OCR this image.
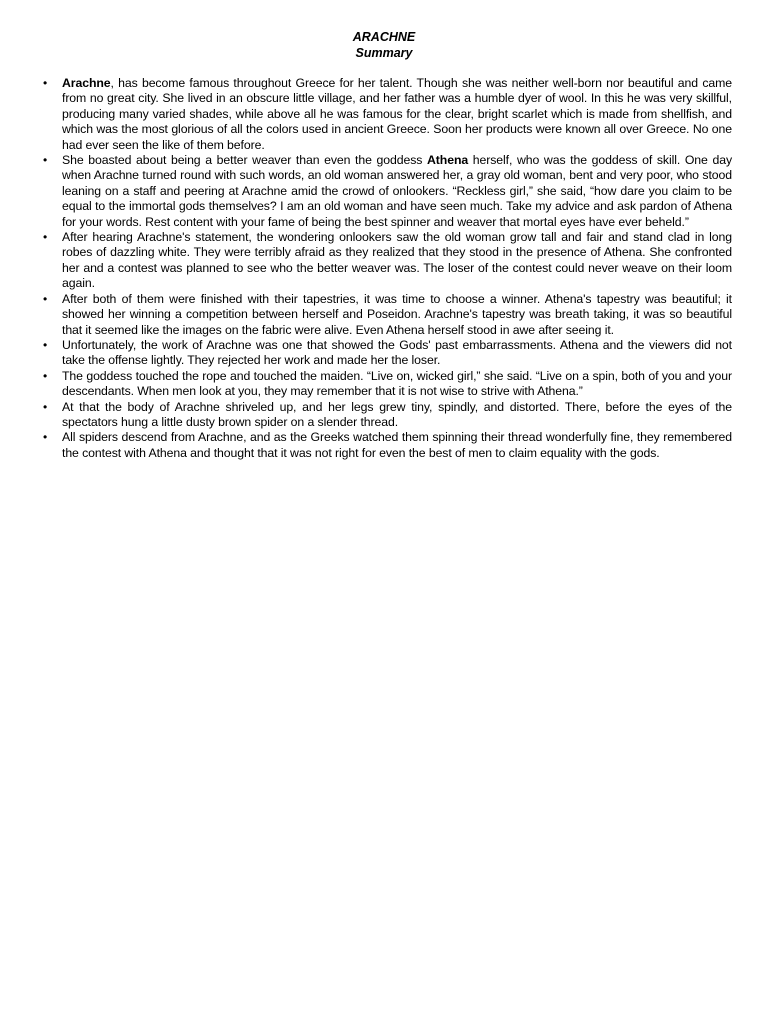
ARACHNE
Summary
• Arachne, has become famous throughout Greece for her talent. Though she was neither well-born nor beautiful and came from no great city. She lived in an obscure little village, and her father was a humble dyer of wool. In this he was very skillful, producing many varied shades, while above all he was famous for the clear, bright scarlet which is made from shellfish, and which was the most glorious of all the colors used in ancient Greece. Soon her products were known all over Greece. No one had ever seen the like of them before.
• She boasted about being a better weaver than even the goddess Athena herself, who was the goddess of skill. One day when Arachne turned round with such words, an old woman answered her, a gray old woman, bent and very poor, who stood leaning on a staff and peering at Arachne amid the crowd of onlookers. “Reckless girl,” she said, “how dare you claim to be equal to the immortal gods themselves? I am an old woman and have seen much. Take my advice and ask pardon of Athena for your words. Rest content with your fame of being the best spinner and weaver that mortal eyes have ever beheld.”
• After hearing Arachne's statement, the wondering onlookers saw the old woman grow tall and fair and stand clad in long robes of dazzling white. They were terribly afraid as they realized that they stood in the presence of Athena. She confronted her and a contest was planned to see who the better weaver was. The loser of the contest could never weave on their loom again.
• After both of them were finished with their tapestries, it was time to choose a winner. Athena's tapestry was beautiful; it showed her winning a competition between herself and Poseidon. Arachne's tapestry was breath taking, it was so beautiful that it seemed like the images on the fabric were alive. Even Athena herself stood in awe after seeing it.
• Unfortunately, the work of Arachne was one that showed the Gods' past embarrassments. Athena and the viewers did not take the offense lightly. They rejected her work and made her the loser.
• The goddess touched the rope and touched the maiden. “Live on, wicked girl,” she said. “Live on a spin, both of you and your descendants. When men look at you, they may remember that it is not wise to strive with Athena.”
• At that the body of Arachne shriveled up, and her legs grew tiny, spindly, and distorted. There, before the eyes of the spectators hung a little dusty brown spider on a slender thread.
• All spiders descend from Arachne, and as the Greeks watched them spinning their thread wonderfully fine, they remembered the contest with Athena and thought that it was not right for even the best of men to claim equality with the gods.
